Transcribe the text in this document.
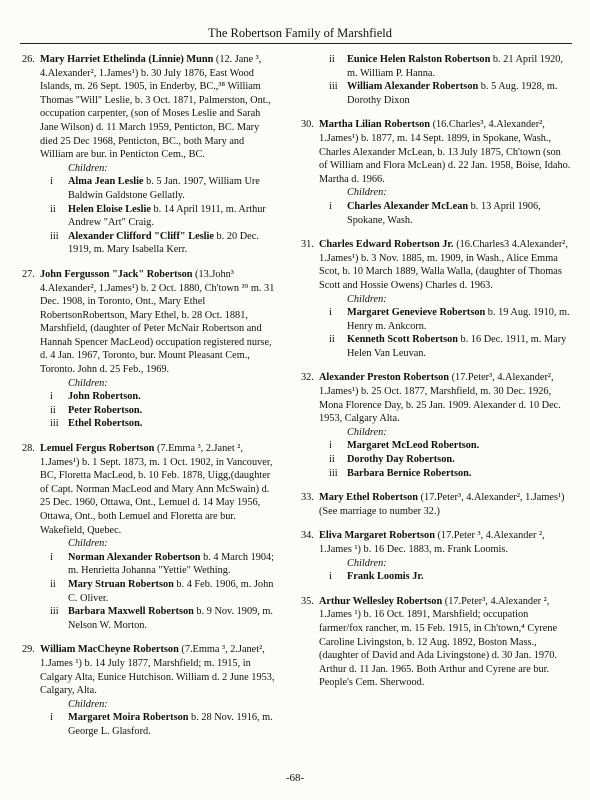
The Robertson Family of Marshfield

26. Mary Harriet Ethelinda (Linnie) Munn (12. Jane ³, 4.Alexander², 1.James¹) b. 30 July 1876, East Wood Islands, m. 26 Sept. 1905, in Enderby, BC.,³⁸ William Thomas "Will" Leslie, b. 3 Oct. 1871, Palmerston, Ont., occupation carpenter, (son of Moses Leslie and Sarah Jane Wilson) d. 11 March 1959, Penticton, BC. Mary died 25 Dec 1968, Penticton, BC., both Mary and William are bur. in Penticton Cem., BC.

Children:
i	Alma Jean Leslie b. 5 Jan. 1907, William Ure Baldwin Galdstone Gellatly.
ii	Helen Eloise Leslie b. 14 April 1911, m. Arthur Andrew "Art" Craig.
iii Alexander Clifford "Cliff" Leslie b. 20 Dec. 1919, m. Mary Isabella Kerr.

27. John Fergusson "Jack" Robertson (13.John³ 4.Alexander², 1.James¹) b. 2 Oct. 1880, Ch'town ³⁹ m. 31 Dec. 1908, in Toronto, Ont., Mary Ethel RobertsonRobertson, Mary Ethel, b. 28 Oct. 1881, Marshfield, (daughter of Peter McNair Robertson and Hannah Spencer MacLeod) occupation registered nurse, d. 4 Jan. 1967, Toronto, bur. Mount Pleasant Cem., Toronto. John d. 25 Feb., 1969.

Children:
i	John Robertson.
ii	Peter Robertson.
iii Ethel Robertson.

28. Lemuel Fergus Robertson (7.Emma ³, 2.Janet ², 1.James¹) b. 1 Sept. 1873, m. 1 Oct. 1902, in Vancouver, BC, Floretta MacLeod, b. 10 Feb. 1878, Uigg,(daughter of Capt. Norman MacLeod and Mary Ann McSwain) d. 25 Dec. 1960, Ottawa, Ont., Lemuel d. 14 May 1956, Ottawa, Ont., both Lemuel and Floretta are bur. Wakefield, Quebec.

Children:
i	Norman Alexander Robertson b. 4 March 1904; m. Henrietta Johanna "Yettie" Wething.
ii	Mary Struan Robertson b. 4 Feb. 1906, m. John C. Oliver.
iii Barbara Maxwell Robertson b. 9 Nov. 1909, m. Nelson W. Morton.

29. William MacCheyne Robertson (7.Emma ³, 2.Janet², 1.James ¹) b. 14 July 1877, Marshfield; m. 1915, in Calgary Alta, Eunice Hutchison. William d. 2 June 1953, Calgary, Alta.

Children:
i	Margaret Moira Robertson b. 28 Nov. 1916, m. George L. Glasford.
ii	Eunice Helen Ralston Robertson b. 21 April 1920, m. William P. Hanna.
iii William Alexander Robertson b. 5 Aug. 1928, m. Dorothy Dixon

30. Martha Lilian Robertson (16.Charles³, 4.Alexander², 1.James¹) b. 1877, m. 14 Sept. 1899, in Spokane, Wash., Charles Alexander McLean, b. 13 July 1875, Ch'town (son of William and Flora McLean) d. 22 Jan. 1958, Boise, Idaho. Martha d. 1966.

Children:
i	Charles Alexander McLean b. 13 April 1906, Spokane, Wash.

31. Charles Edward Robertson Jr. (16.Charles3 4.Alexander², 1.James¹) b. 3 Nov. 1885, m. 1909, in Wash., Alice Emma Scot, b. 10 March 1889, Walla Walla, (daughter of Thomas Scott and Hossie Owens) Charles d. 1963.

Children:
i	Margaret Genevieve Robertson b. 19 Aug. 1910, m. Henry m. Ankcorn.
ii	Kenneth Scott Robertson b. 16 Dec. 1911, m. Mary Helen Van Leuvan.

32. Alexander Preston Robertson (17.Peter³, 4.Alexander², 1.James¹) b. 25 Oct. 1877, Marshfield, m. 30 Dec. 1926, Mona Florence Day, b. 25 Jan. 1909. Alexander d. 10 Dec. 1953, Calgary Alta.

Children:
i	Margaret McLeod Robertson.
ii	Dorothy Day Robertson.
iii Barbara Bernice Robertson.

33. Mary Ethel Robertson (17.Peter³, 4.Alexander², 1.James¹) (See marriage to number 32.)

34. Eliva Margaret Robertson (17.Peter ³, 4.Alexander ², 1.James ¹) b. 16 Dec. 1883, m. Frank Loomis.

Children:
i	Frank Loomis Jr.

35. Arthur Wellesley Robertson (17.Peter³, 4.Alexander ², 1.James ¹) b. 16 Oct. 1891, Marshfield; occupation farmer/fox rancher, m. 15 Feb. 1915, in Ch'town,⁴ Cyrene Caroline Livingston, b. 12 Aug. 1892, Boston Mass., (daughter of David and Ada Livingstone) d. 30 Jan. 1970. Arthur d. 11 Jan. 1965. Both Arthur and Cyrene are bur. People's Cem. Sherwood.

-68-
